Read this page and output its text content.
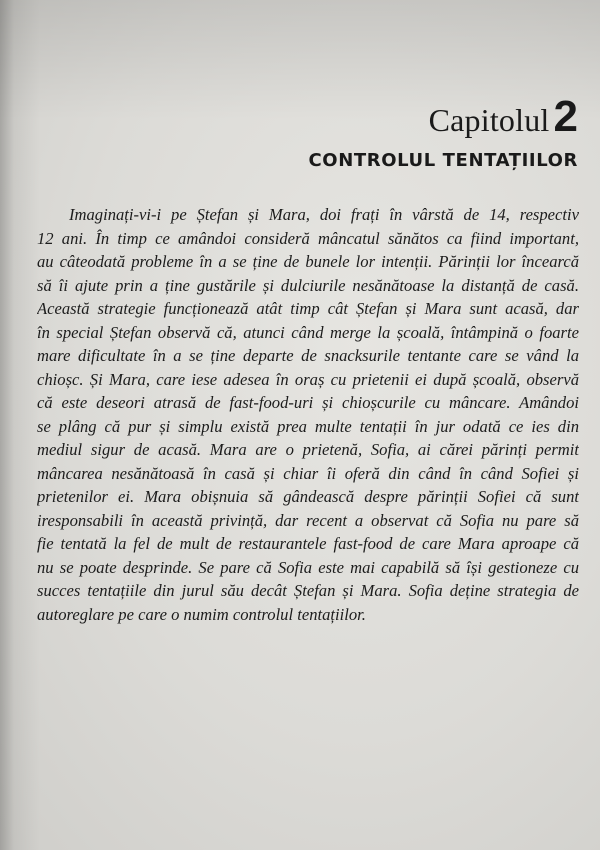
Capitolul2
CONTROLUL TENTAȚIILOR
Imaginați-vi-i pe Ștefan și Mara, doi frați în vârstă de 14, respectiv
12 ani. În timp ce amândoi consideră mâncatul sănătos ca fiind important,
au câteodată probleme în a se ține de bunele lor intenții. Părinții lor încearcă
să îi ajute prin a ține gustările și dulciurile nesănătoase la distanță de casă.
Această strategie funcționează atât timp cât Ștefan și Mara sunt acasă, dar
în special Ștefan observă că, atunci când merge la școală, întâmpină o foarte
mare dificultate în a se ține departe de snacksurile tentante care se vând la
chioșc. Și Mara, care iese adesea în oraș cu prietenii ei după școală, observă
că este deseori atrasă de fast-food-uri și chioșcurile cu mâncare. Amândoi
se plâng că pur și simplu există prea multe tentații în jur odată ce ies din
mediul sigur de acasă. Mara are o prietenă, Sofia, ai cărei părinți permit
mâncarea nesănătoasă în casă și chiar îi oferă din când în când Sofiei și
prietenilor ei. Mara obișnuia să gândească despre părinții Sofiei că sunt
iresponsabili în această privință, dar recent a observat că Sofia nu pare să
fie tentată la fel de mult de restaurantele fast-food de care Mara aproape că
nu se poate desprinde. Se pare că Sofia este mai capabilă să își gestioneze cu
succes tentațiile din jurul său decât Ștefan și Mara. Sofia deține strategia de
autoreglare pe care o numim controlul tentațiilor.
